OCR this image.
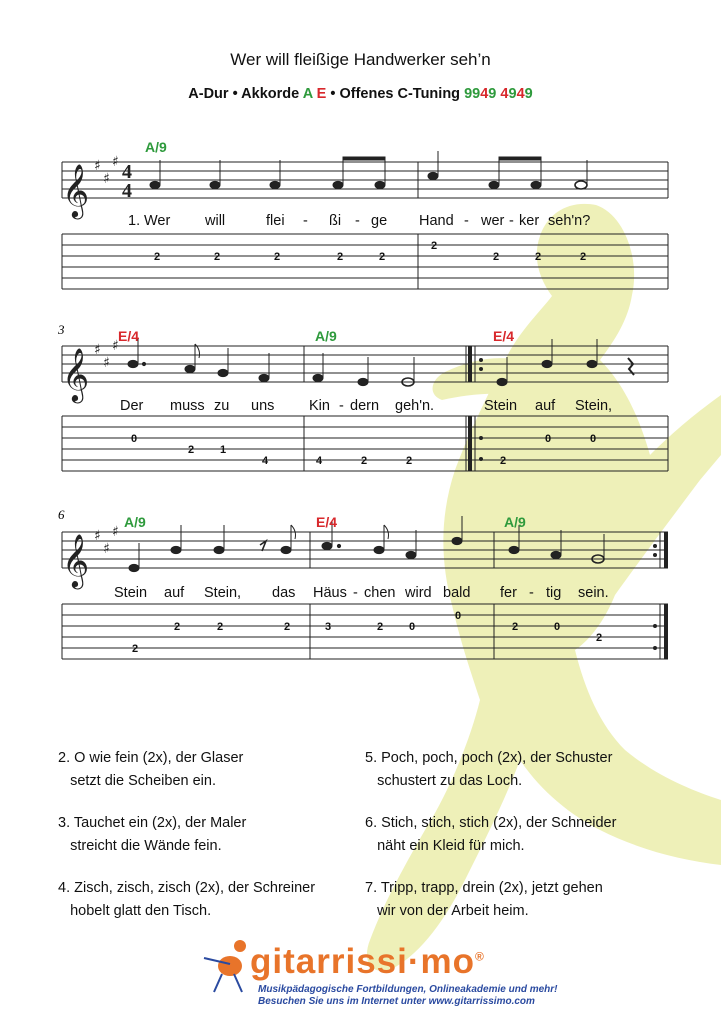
Wer will fleißige Handwerker seh’n
A-Dur • Akkorde A E • Offenes C-Tuning 9949 4949
𝄞
𝄞
𝄞
♯
♯
♯
♯
♯
♯
♯
♯
♯
4
4
3
6
A/9
E/4	A/9	E/4
A/9	E/4	A/9
1. Wer will	flei - ßi - ge Hand - wer - ker seh'n?
Der muss zu uns Kin - dern geh'n.	Stein auf Stein,
Stein auf Stein, das Häus - chen wird bald fer - tig sein.
2	2	2	2	2
2
2	2	2
0
2 1
4	4	2	2	2
0	0
2
2	2	2	3	2 0
0
2	0
2
2. O wie fein (2x), der Glaser
setzt die Scheiben ein.
3. Tauchet ein (2x), der Maler
streicht die Wände fein.
4. Zisch, zisch, zisch (2x), der Schreiner
hobelt glatt den Tisch.
5. Poch, poch, poch (2x), der Schuster
schustert zu das Loch.
6. Stich, stich, stich (2x), der Schneider
näht ein Kleid für mich.
7. Tripp, trapp, drein (2x), jetzt gehen
wir von der Arbeit heim.
gitarrissi·mo®
Musikpädagogische Fortbildungen, Onlineakademie und mehr!
Besuchen Sie uns im Internet unter www.gitarrissimo.com
